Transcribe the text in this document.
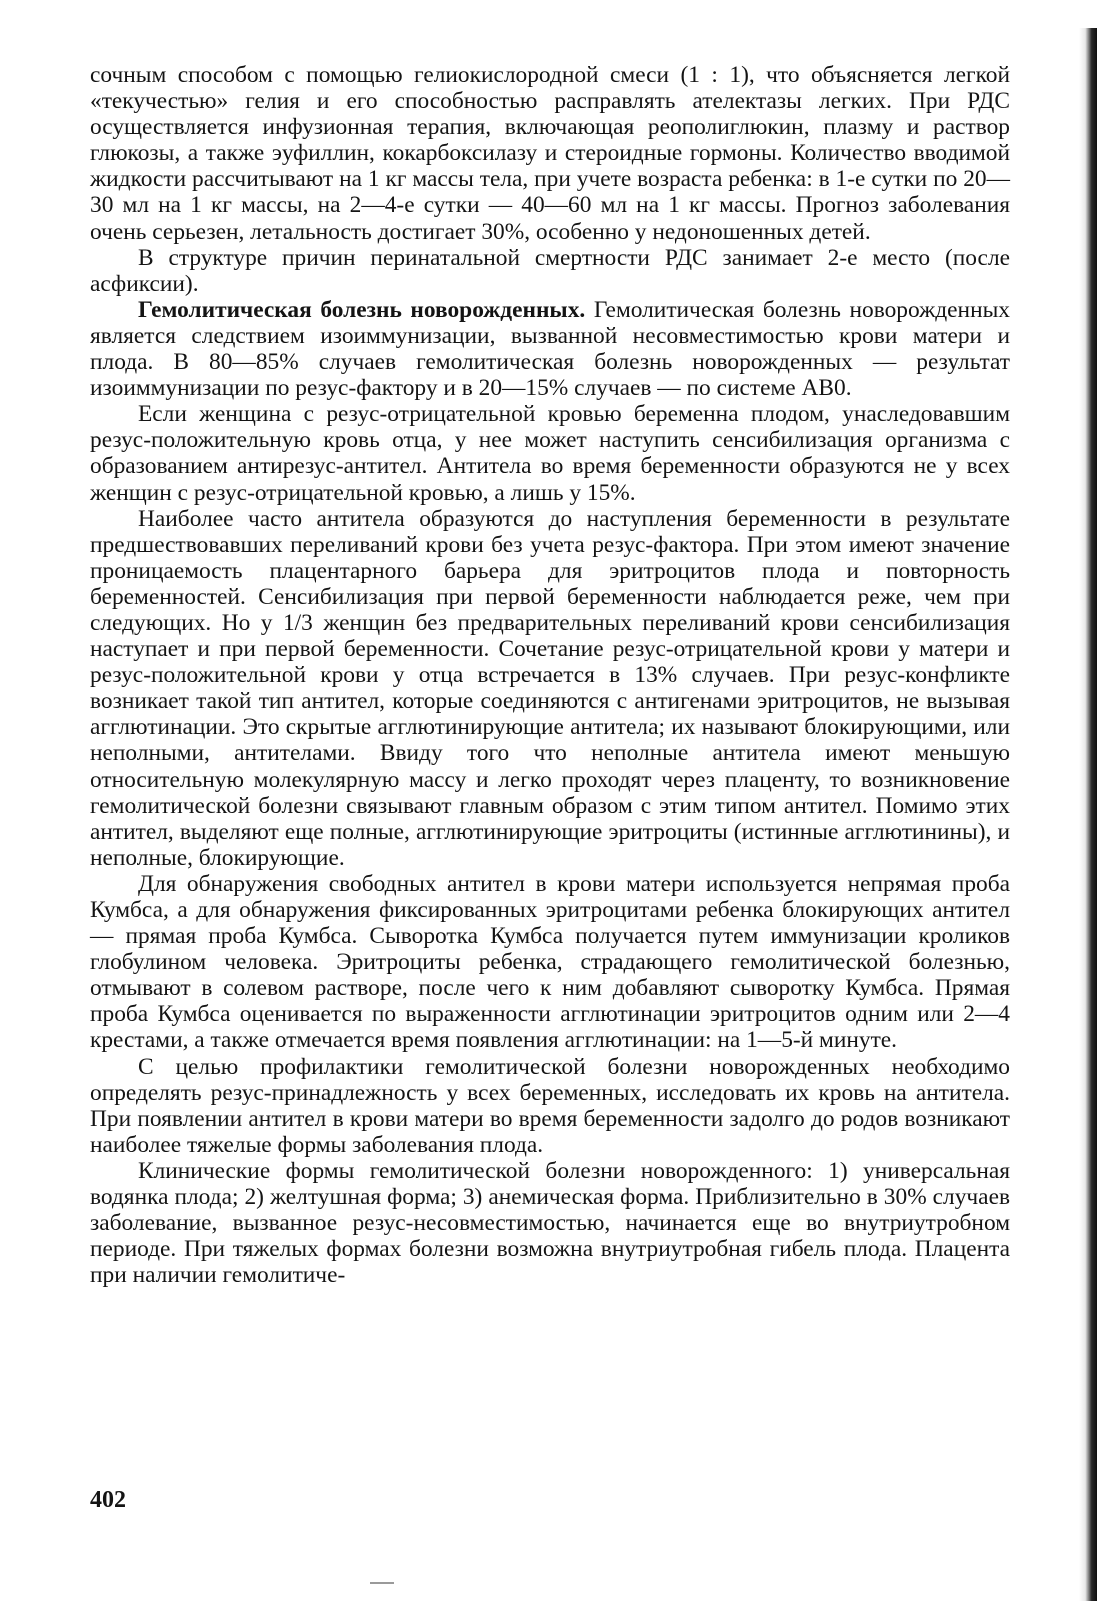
сочным способом с помощью гелиокислородной смеси (1 : 1), что объясняется легкой «текучестью» гелия и его способностью расправлять ателектазы легких. При РДС осуществляется инфузионная терапия, включающая реополиглюкин, плазму и раствор глюкозы, а также эуфиллин, кокарбоксилазу и стероидные гормоны. Количество вводимой жидкости рассчитывают на 1 кг массы тела, при учете возраста ребенка: в 1-е сутки по 20—30 мл на 1 кг массы, на 2—4-е сутки — 40—60 мл на 1 кг массы. Прогноз заболевания очень серьезен, летальность достигает 30%, особенно у недоношенных детей.

В структуре причин перинатальной смертности РДС занимает 2-е место (после асфиксии).

Гемолитическая болезнь новорожденных. Гемолитическая болезнь новорожденных является следствием изоиммунизации, вызванной несовместимостью крови матери и плода. В 80—85% случаев гемолитическая болезнь новорожденных — результат изоиммунизации по резус-фактору и в 20—15% случаев — по системе АВ0.

Если женщина с резус-отрицательной кровью беременна плодом, унаследовавшим резус-положительную кровь отца, у нее может наступить сенсибилизация организма с образованием антирезус-антител. Антитела во время беременности образуются не у всех женщин с резус-отрицательной кровью, а лишь у 15%.

Наиболее часто антитела образуются до наступления беременности в результате предшествовавших переливаний крови без учета резус-фактора. При этом имеют значение проницаемость плацентарного барьера для эритроцитов плода и повторность беременностей. Сенсибилизация при первой беременности наблюдается реже, чем при следующих. Но у 1/3 женщин без предварительных переливаний крови сенсибилизация наступает и при первой беременности. Сочетание резус-отрицательной крови у матери и резус-положительной крови у отца встречается в 13% случаев. При резус-конфликте возникает такой тип антител, которые соединяются с антигенами эритроцитов, не вызывая агглютинации. Это скрытые агглютинирующие антитела; их называют блокирующими, или неполными, антителами. Ввиду того что неполные антитела имеют меньшую относительную молекулярную массу и легко проходят через плаценту, то возникновение гемолитической болезни связывают главным образом с этим типом антител. Помимо этих антител, выделяют еще полные, агглютинирующие эритроциты (истинные агглютинины), и неполные, блокирующие.

Для обнаружения свободных антител в крови матери используется непрямая проба Кумбса, а для обнаружения фиксированных эритроцитами ребенка блокирующих антител — прямая проба Кумбса. Сыворотка Кумбса получается путем иммунизации кроликов глобулином человека. Эритроциты ребенка, страдающего гемолитической болезнью, отмывают в солевом растворе, после чего к ним добавляют сыворотку Кумбса. Прямая проба Кумбса оценивается по выраженности агглютинации эритроцитов одним или 2—4 крестами, а также отмечается время появления агглютинации: на 1—5-й минуте.

С целью профилактики гемолитической болезни новорожденных необходимо определять резус-принадлежность у всех беременных, исследовать их кровь на антитела. При появлении антител в крови матери во время беременности задолго до родов возникают наиболее тяжелые формы заболевания плода.

Клинические формы гемолитической болезни новорожденного: 1) универсальная водянка плода; 2) желтушная форма; 3) анемическая форма. Приблизительно в 30% случаев заболевание, вызванное резус-несовместимостью, начинается еще во внутриутробном периоде. При тяжелых формах болезни возможна внутриутробная гибель плода. Плацента при наличии гемолитиче-

402
